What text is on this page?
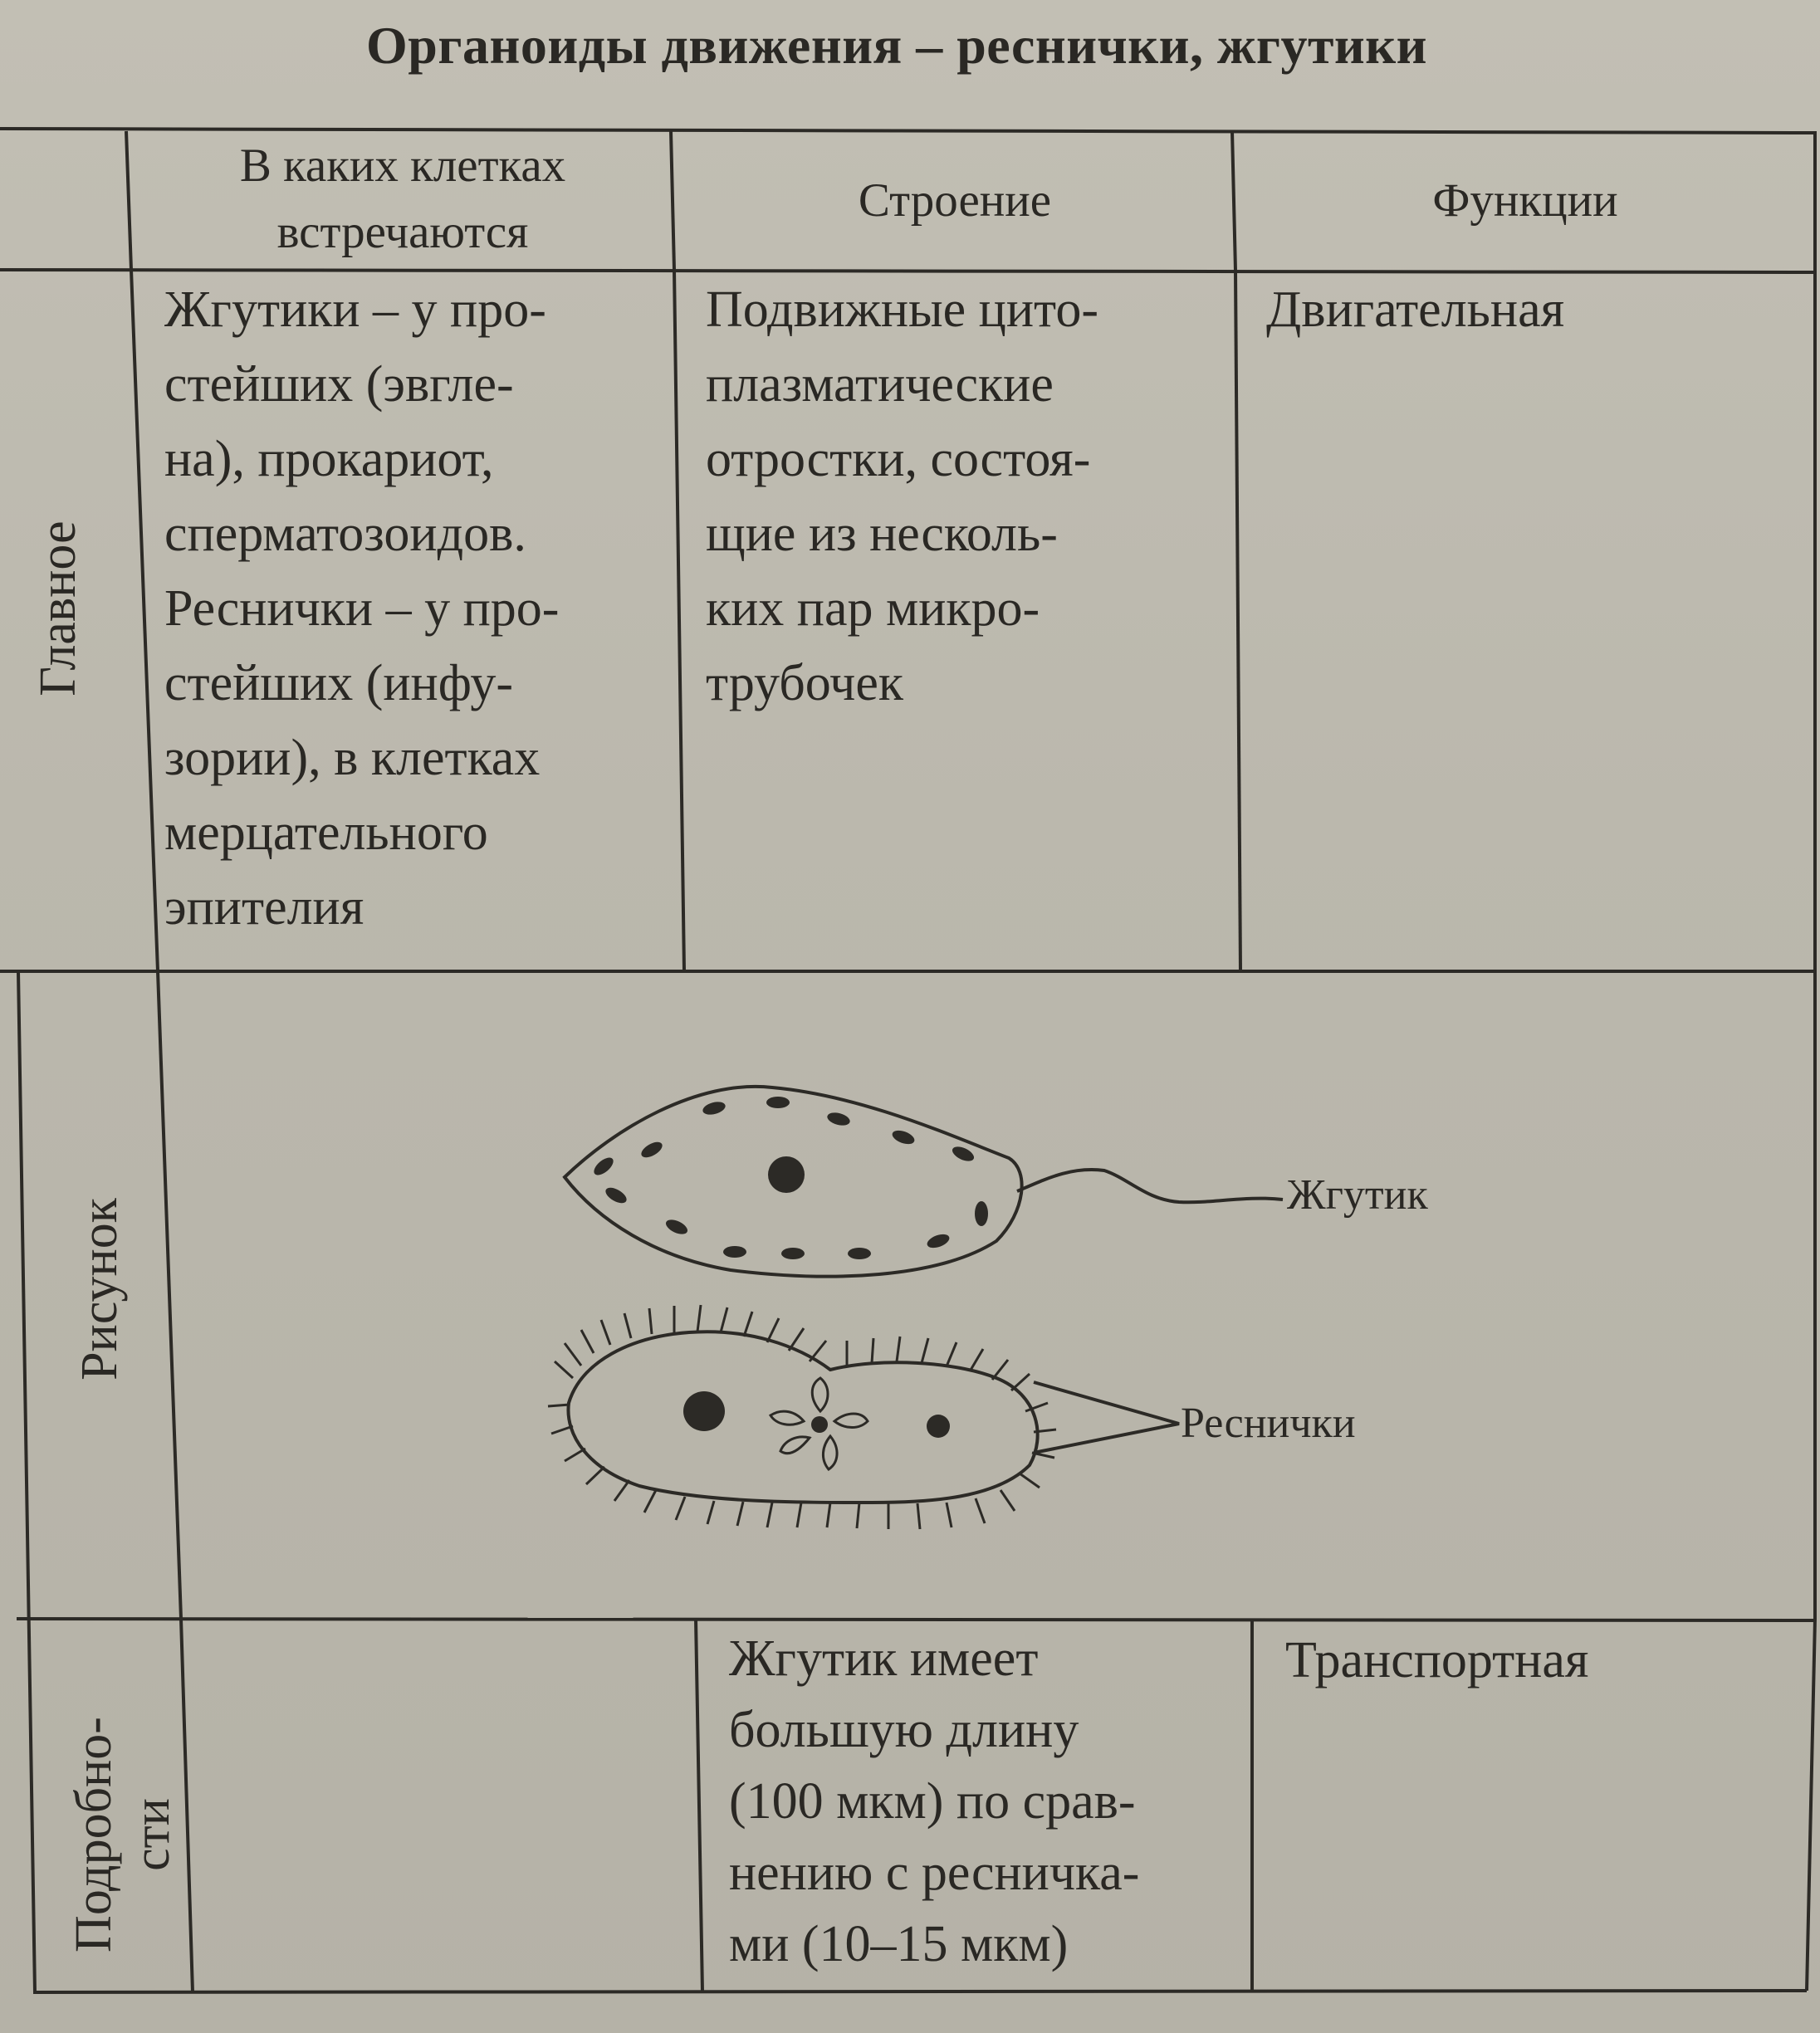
Органоиды движения – реснички, жгутики
В каких клетках
встречаются
Строение	Функции
Главное
Жгутики – у про-
стейших (эвгле-
на), прокариот,
сперматозоидов.
Реснички – у про-
стейших (инфу-
зории), в клетках
мерцательного
эпителия
Подвижные цито-
плазматические
отростки, состоя-
щие из несколь-
ких пар микро-
трубочек
Двигательная
Рисунок
Жгутик
Реснички
Подробно- сти
Жгутик имеет
большую длину
(100 мкм) по срав-
нению с ресничка-
ми (10–15 мкм)
Транспортная
